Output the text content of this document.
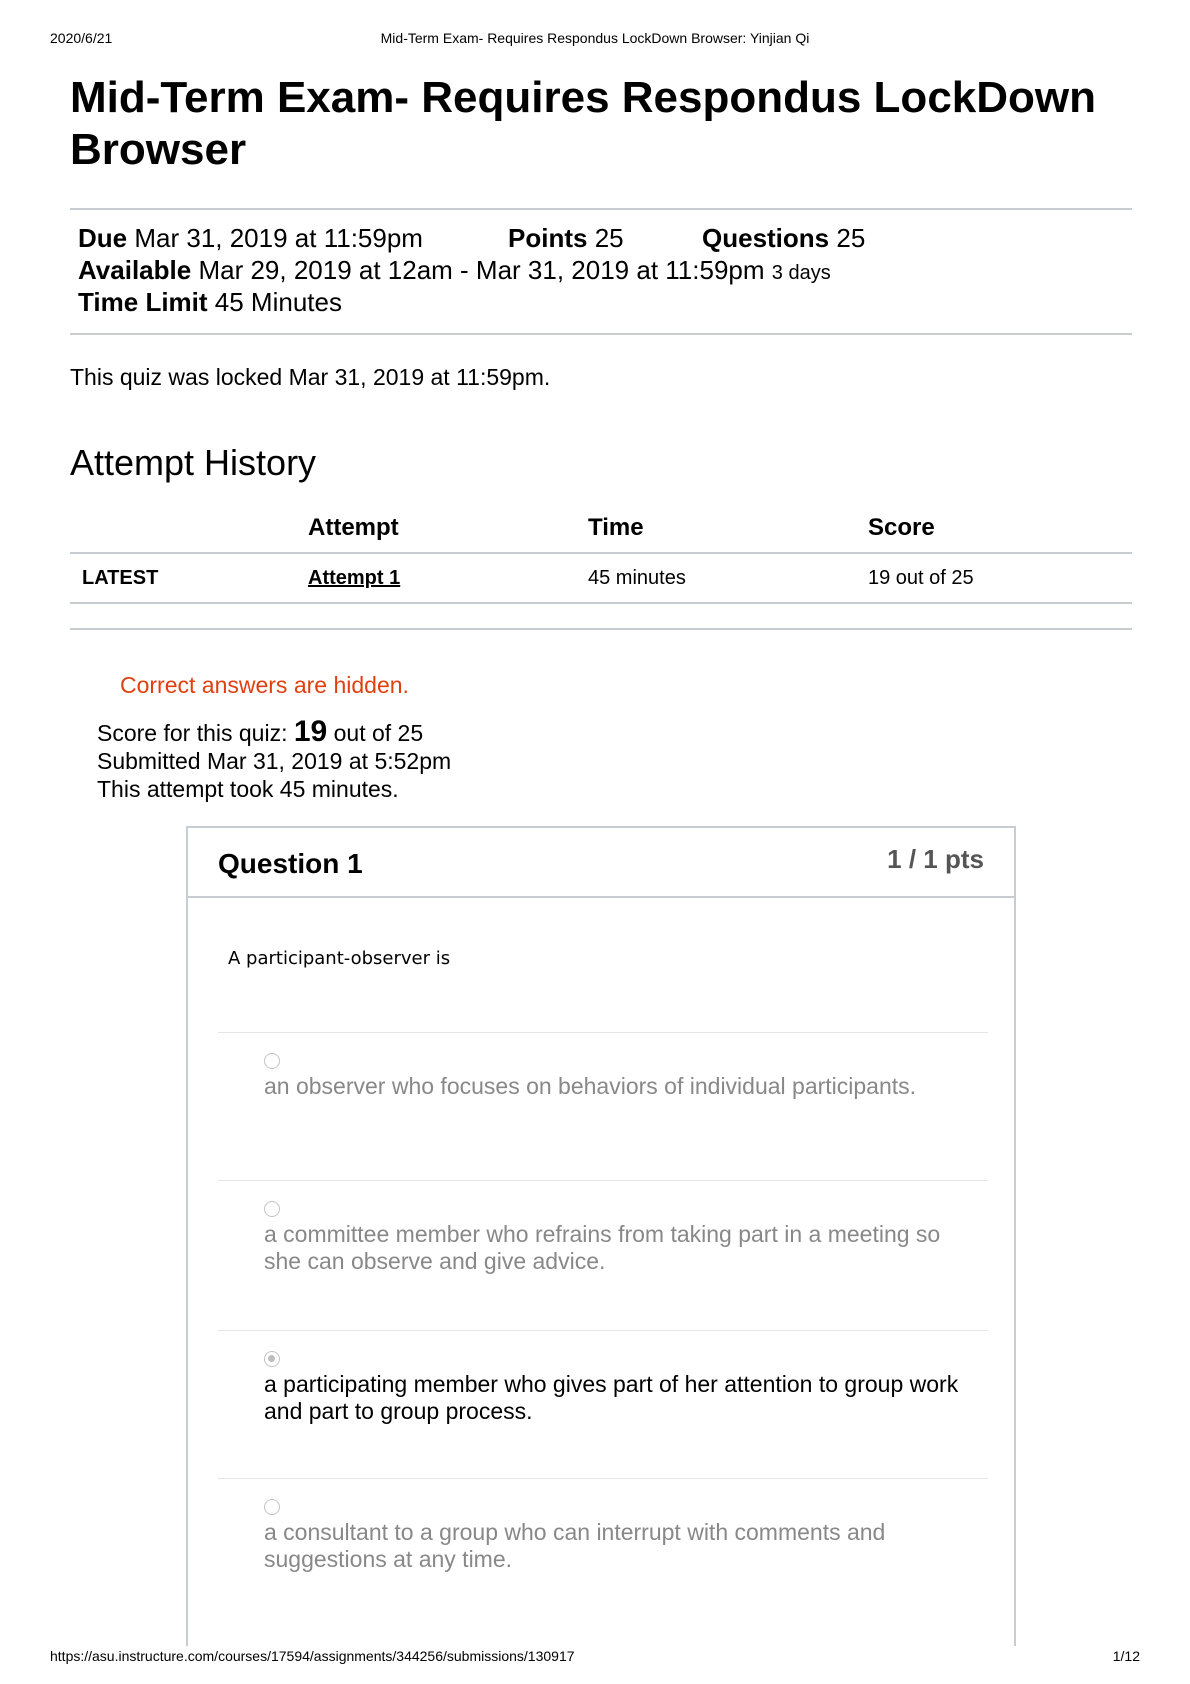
2020/6/21	Mid-Term Exam- Requires Respondus LockDown Browser: Yinjian Qi
Mid-Term Exam- Requires Respondus LockDown Browser
Due Mar 31, 2019 at 11:59pm	Points 25	Questions 25
Available Mar 29, 2019 at 12am - Mar 31, 2019 at 11:59pm 3 days
Time Limit 45 Minutes
This quiz was locked Mar 31, 2019 at 11:59pm.
Attempt History
	Attempt	Time	Score
LATEST	Attempt 1	45 minutes	19 out of 25
Correct answers are hidden.
Score for this quiz: 19 out of 25
Submitted Mar 31, 2019 at 5:52pm
This attempt took 45 minutes.
Question 1	1 / 1 pts
A participant-observer is
an observer who focuses on behaviors of individual participants.
a committee member who refrains from taking part in a meeting so she can observe and give advice.
a participating member who gives part of her attention to group work and part to group process.
a consultant to a group who can interrupt with comments and suggestions at any time.
https://asu.instructure.com/courses/17594/assignments/344256/submissions/130917	1/12
